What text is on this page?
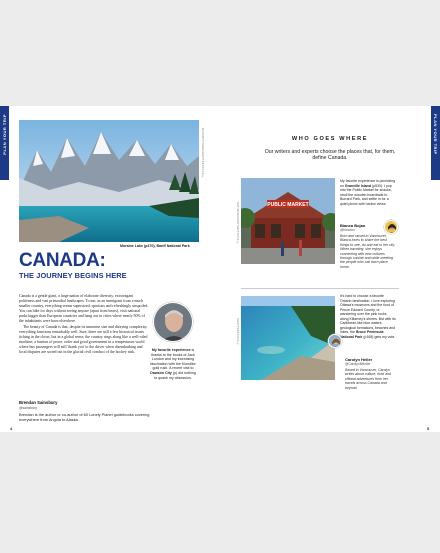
PLAN YOUR TRIP	BLANKPICTURE/SHUTTERSTOCK ©
Moraine Lake (p470), Banff National Park
CANADA:
THE JOURNEY BEGINS HERE

Canada is a gentle giant, a large nation of elaborate diversity, extravagant politeness and vast primordial landscapes. To me, as an immigrant from a much smaller country, everything seems supersized, spacious and refreshingly unspoiled. You can hike for days without seeing anyone (apart from bears), visit national parks bigger than European countries and hang out in cities where nearly 50% of the inhabitants were born elsewhere.

The beauty of Canada is that, despite its immense size and dizzying complexity, everything functions remarkably well. Sure, there are still a few historical issues itching in the closet, but in a global sense, the country rings along like a well-oiled machine; a bastion of peace, order and good government in a tempestuous world where bus passengers will still 'thank you' to the driver when disembarking and local disputes are sorted out in the glacial civil conduct of the hockey rink.

Brendan Sainsbury
@sainsbury
Brendan is the author or co-author of 60 Lonely Planet guidebooks covering everywhere from Angola to Alaska.
My favorite experience is thanks to the books of Jack London and my increasing fascination with the Klondike gold rush. A recent visit to Dawson City (p) did nothing to quash my obsession.
4
PLAN YOUR TRIP
WHO GOES WHERE
Our writers and experts choose the places that, for them, define Canada.
PUBLIC MARKET
RAY WISE/SHUTTERSTOCK ©
My favorite experience is picnicking on Granville Island (p530). I pop into the Public Market for snacks, stroll the wooden boardwalk to Burrard Park, and settle in for a quiet picnic with harbor views.
Bianca Bojan
@biucobo
Born and raised in Vancouver, Bianca loves to share the best things to see, do and eat in her city. When traveling, she enjoys connecting with new cultures through cuisine and while meeting the people who call each place home.
SHUTTERSTOCK ©
It's hard to choose a favorite Ontario destination. I love exploring Ottawa's museums and the food of Prince Edward County, or wandering over the pink rocks along Killarney's shores. But with its Caribbean-like blue waters, geological formations, beaches and hikes, the Bruce Peninsula National Park (p168) gets my vote.
Carolyn Heller
@CarolynBHeller
Based in Vancouver, Carolyn writes about culture, food and offbeat adventures from her travels across Canada and beyond.
5
